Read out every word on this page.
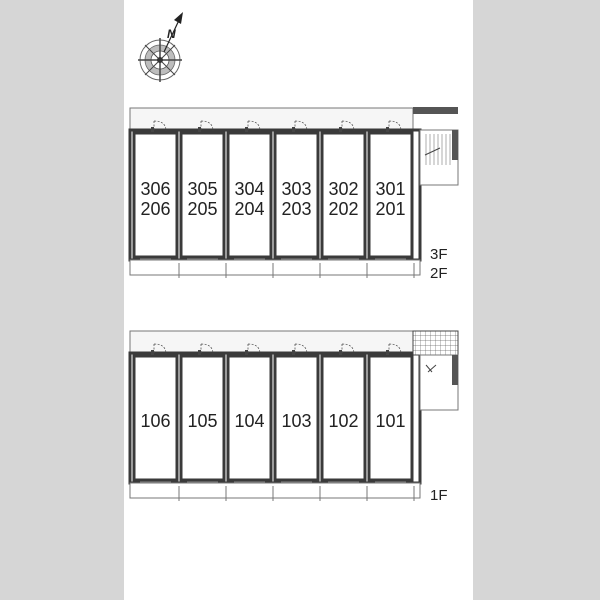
N
306
206
305
205
304
204
303
203
302
202
301
201
3F
2F
106 105 104 103 102 101
1F
